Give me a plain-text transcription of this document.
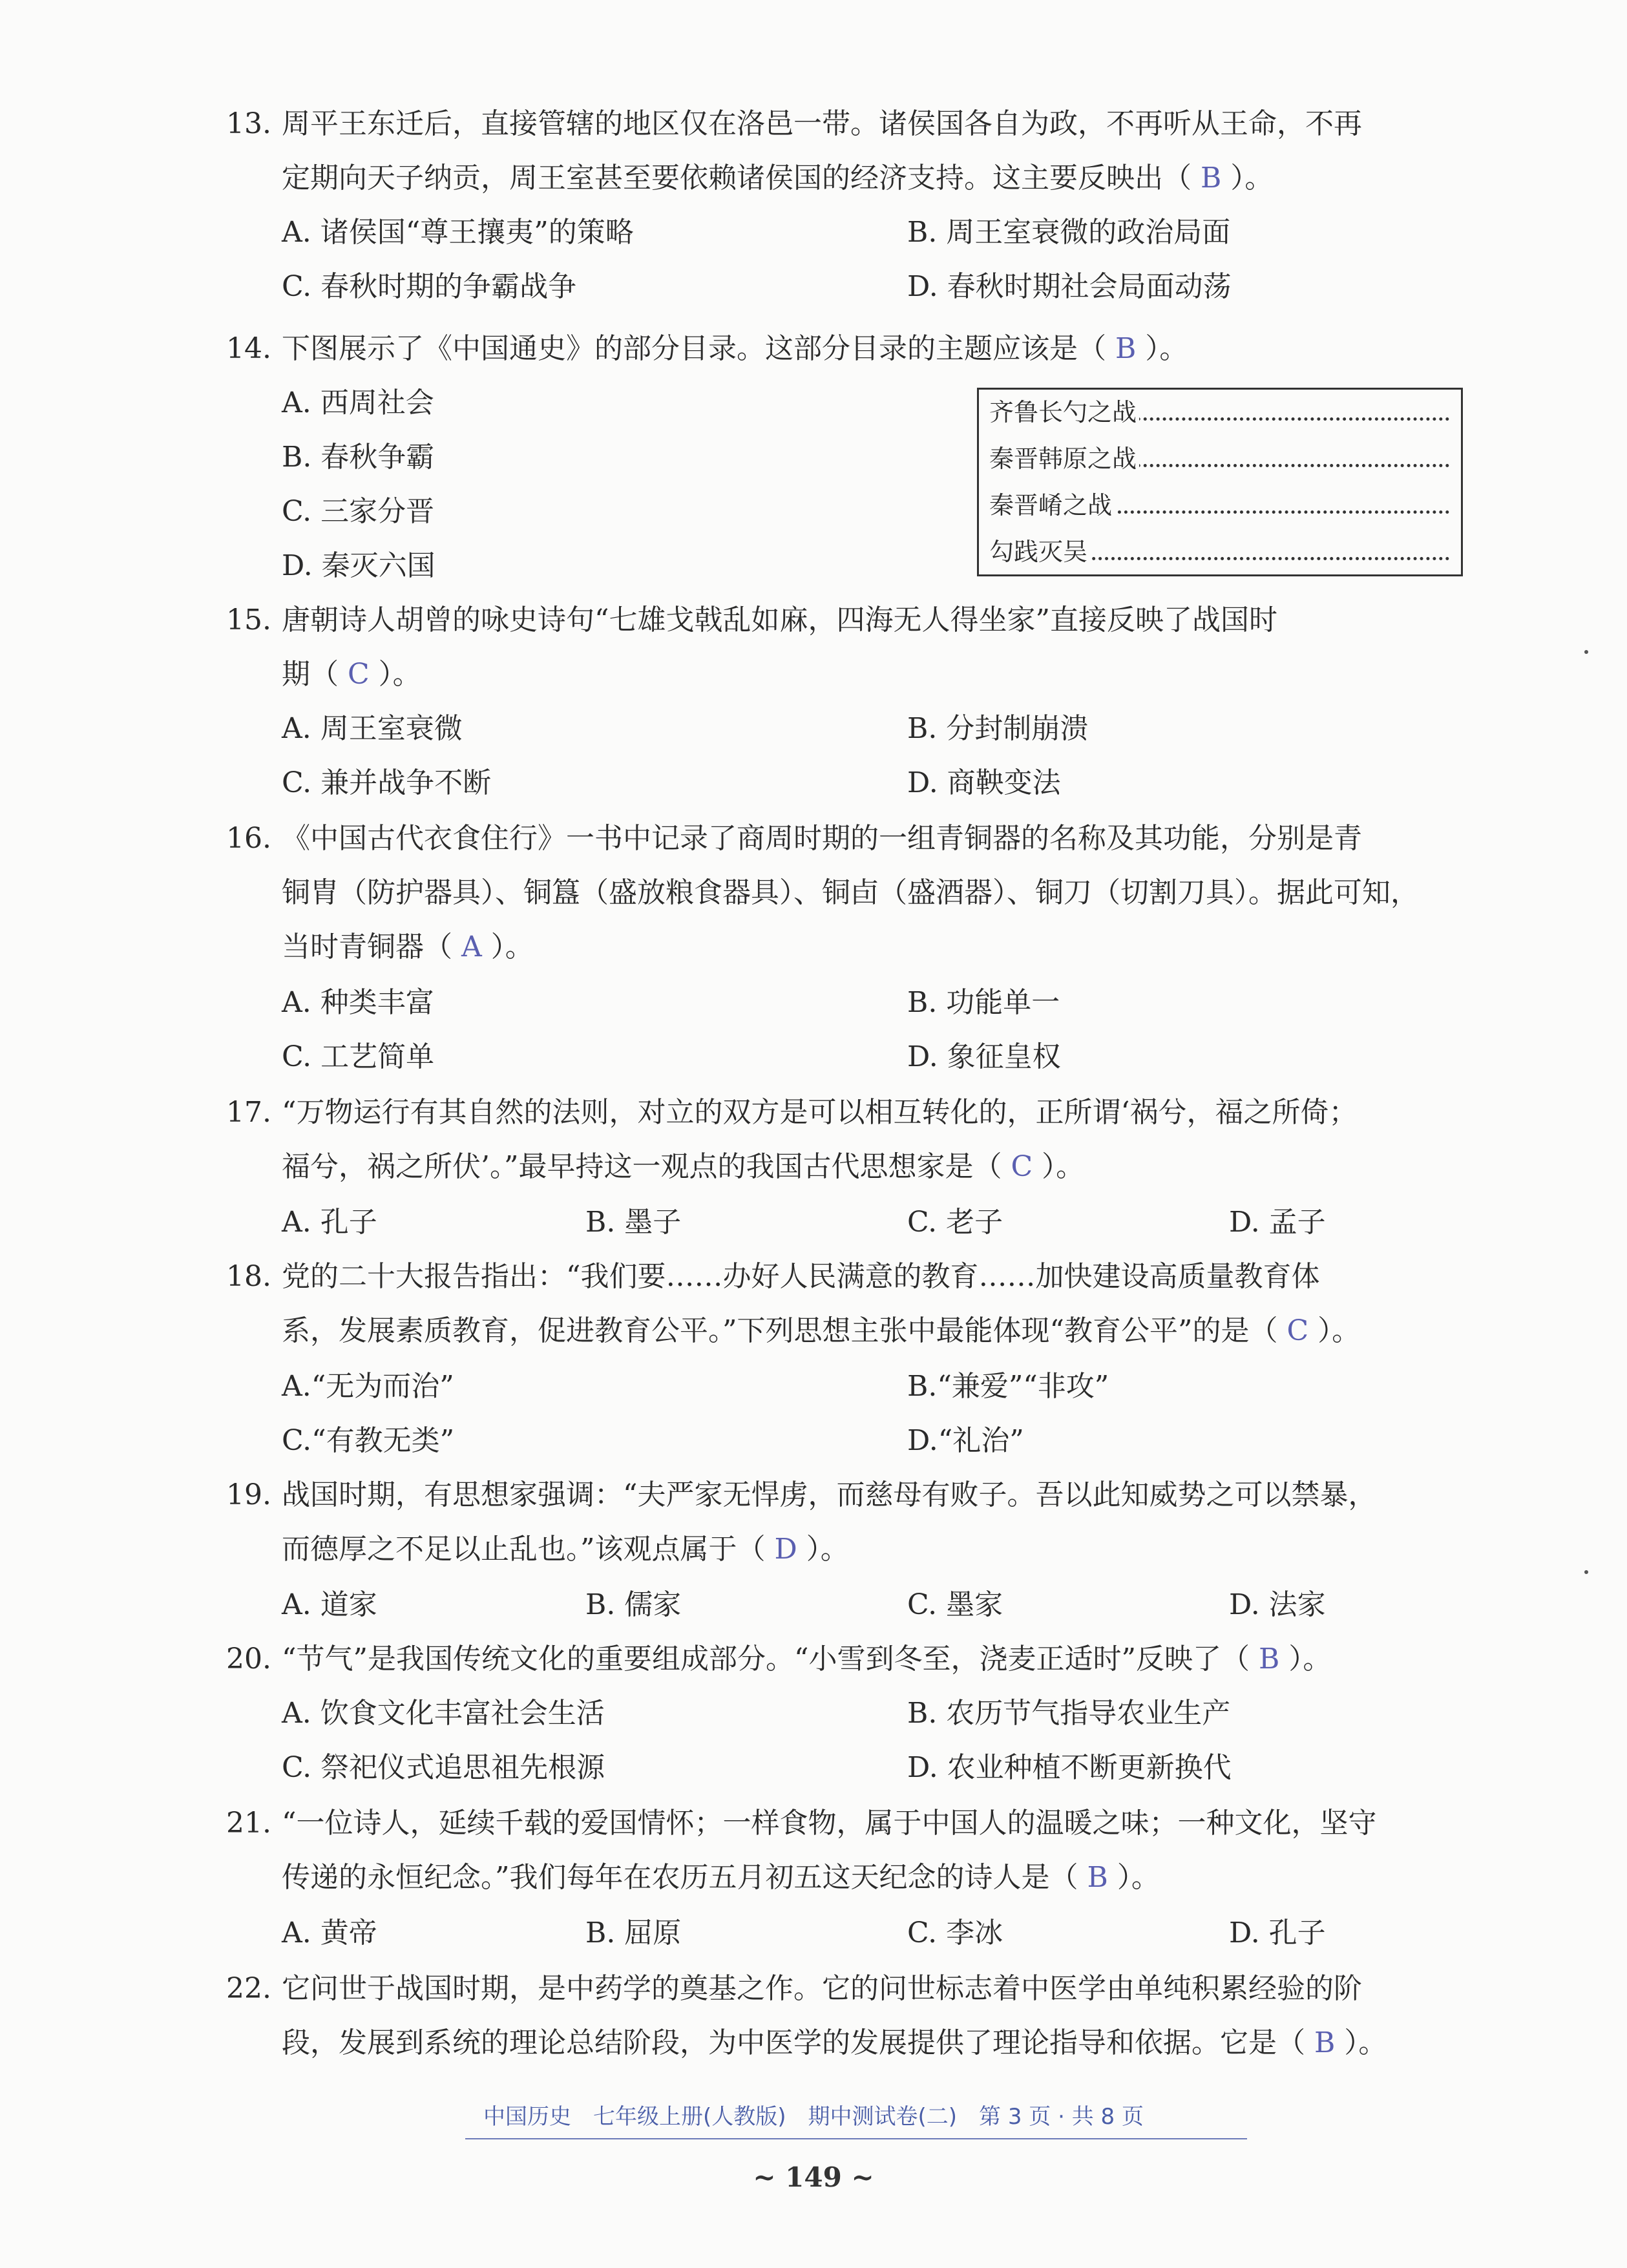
13. 周平王东迁后，直接管辖的地区仅在洛邑一带。诸侯国各自为政，不再听从王命，不再
定期向天子纳贡，周王室甚至要依赖诸侯国的经济支持。这主要反映出（ B ）。
A. 诸侯国“尊王攘夷”的策略	B. 周王室衰微的政治局面
C. 春秋时期的争霸战争	D. 春秋时期社会局面动荡
14. 下图展示了《中国通史》的部分目录。这部分目录的主题应该是（ B ）。
A. 西周社会
B. 春秋争霸
C. 三家分晋
D. 秦灭六国
齐鲁长勺之战
秦晋韩原之战
秦晋崤之战
勾践灭吴
15. 唐朝诗人胡曾的咏史诗句“七雄戈戟乱如麻，四海无人得坐家”直接反映了战国时
期（ C ）。
A. 周王室衰微	B. 分封制崩溃
C. 兼并战争不断	D. 商鞅变法
16. 《中国古代衣食住行》一书中记录了商周时期的一组青铜器的名称及其功能，分别是青
铜胄（防护器具）、铜簋（盛放粮食器具）、铜卣（盛酒器）、铜刀（切割刀具）。据此可知，
当时青铜器（ A ）。
A. 种类丰富	B. 功能单一
C. 工艺简单	D. 象征皇权
17. “万物运行有其自然的法则，对立的双方是可以相互转化的，正所谓‘祸兮，福之所倚；
福兮，祸之所伏’。”最早持这一观点的我国古代思想家是（ C ）。
A. 孔子	B. 墨子	C. 老子	D. 孟子
18. 党的二十大报告指出：“我们要……办好人民满意的教育……加快建设高质量教育体
系，发展素质教育，促进教育公平。”下列思想主张中最能体现“教育公平”的是（ C ）。
A.“无为而治”	B.“兼爱”“非攻”
C.“有教无类”	D.“礼治”
19. 战国时期，有思想家强调：“夫严家无悍虏，而慈母有败子。吾以此知威势之可以禁暴，
而德厚之不足以止乱也。”该观点属于（ D ）。
A. 道家	B. 儒家	C. 墨家	D. 法家
20. “节气”是我国传统文化的重要组成部分。“小雪到冬至，浇麦正适时”反映了（ B ）。
A. 饮食文化丰富社会生活	B. 农历节气指导农业生产
C. 祭祀仪式追思祖先根源	D. 农业种植不断更新换代
21. “一位诗人，延续千载的爱国情怀；一样食物，属于中国人的温暖之味；一种文化，坚守
传递的永恒纪念。”我们每年在农历五月初五这天纪念的诗人是（ B ）。
A. 黄帝	B. 屈原	C. 李冰	D. 孔子
22. 它问世于战国时期，是中药学的奠基之作。它的问世标志着中医学由单纯积累经验的阶
段，发展到系统的理论总结阶段，为中医学的发展提供了理论指导和依据。它是（ B ）。
中国历史　七年级上册(人教版)　期中测试卷(二)　第 3 页 · 共 8 页
~ 149 ~
